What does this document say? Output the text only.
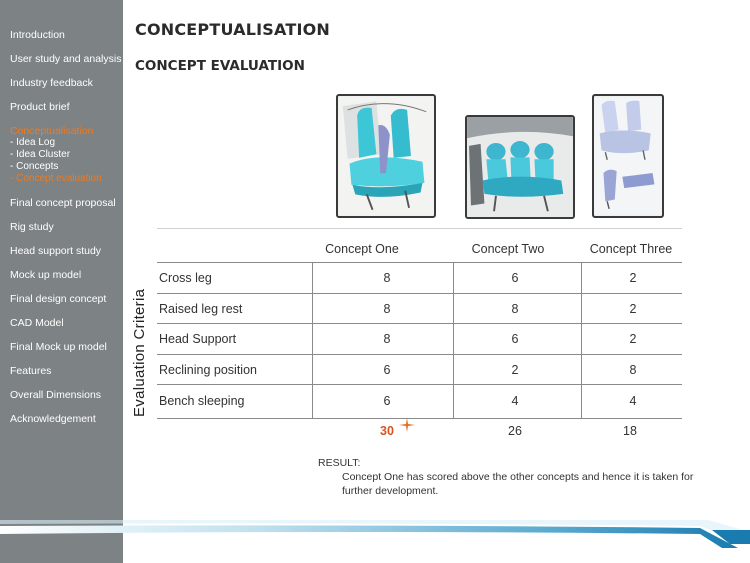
Introduction
User study and analysis
Industry feedback
Product brief
Conceptualisation
- Idea Log
- Idea Cluster
- Concepts
- Concept evaluation
Final concept proposal
Rig study
Head support study
Mock up model
Final design concept
CAD Model
Final Mock up model
Features
Overall Dimensions
Acknowledgement
CONCEPTUALISATION
CONCEPT EVALUATION
Evaluation Criteria
Concept One	Concept Two	Concept Three
Cross leg	8	6	2
Raised leg rest	8	8	2
Head Support	8	6	2
Reclining position	6	2	8
Bench sleeping	6	4	4
30	26	18
RESULT:
Concept One has scored above the other concepts and hence it is taken for further development.
